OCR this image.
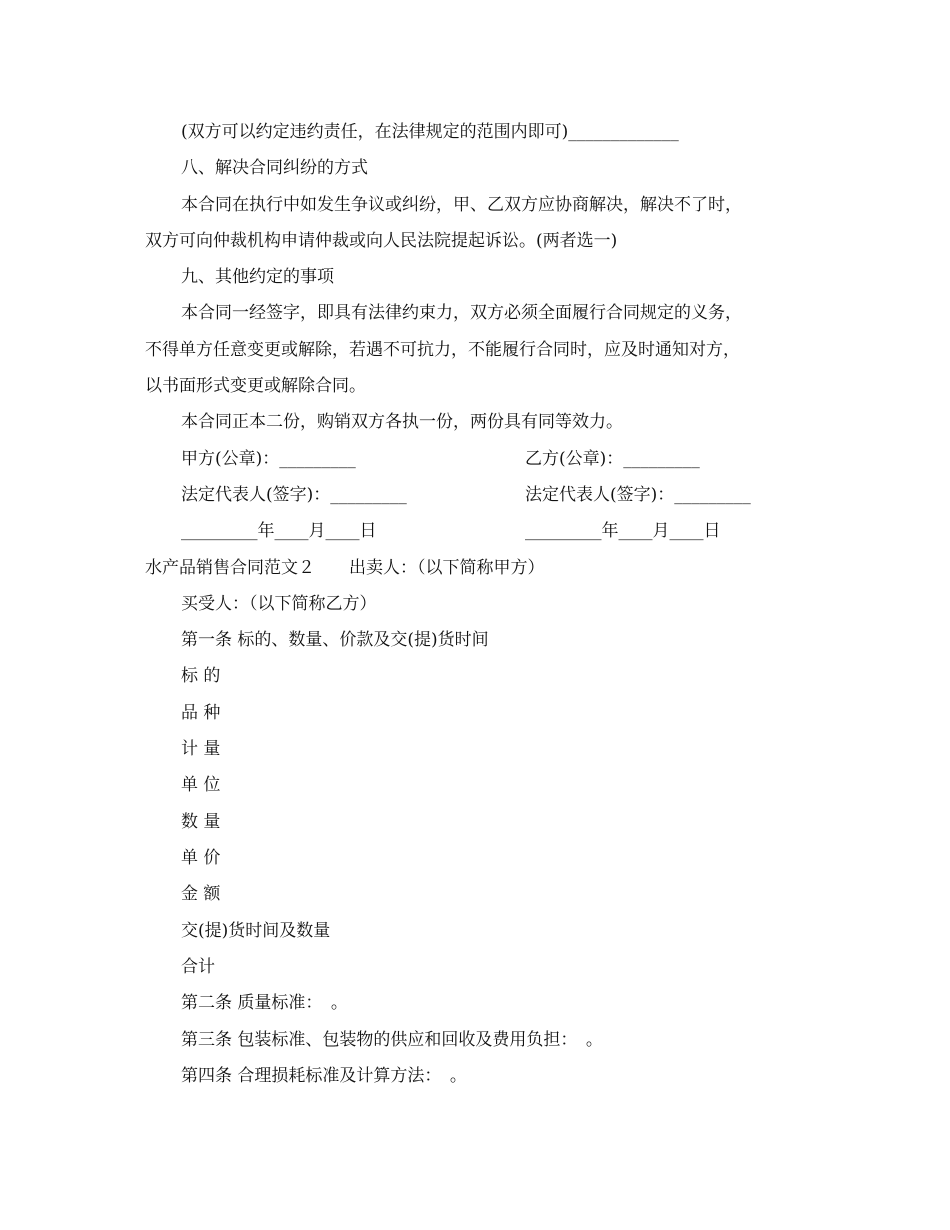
(双方可以约定违约责任，在法律规定的范围内即可)_____________
八、解决合同纠纷的方式
本合同在执行中如发生争议或纠纷，甲、乙双方应协商解决，解决不了时，
双方可向仲裁机构申请仲裁或向人民法院提起诉讼。(两者选一)
九、其他约定的事项
本合同一经签字，即具有法律约束力，双方必须全面履行合同规定的义务，
不得单方任意变更或解除，若遇不可抗力，不能履行合同时，应及时通知对方，
以书面形式变更或解除合同。
本合同正本二份，购销双方各执一份，两份具有同等效力。
甲方(公章)：_________	乙方(公章)：_________
法定代表人(签字)：_________	法定代表人(签字)：_________
_________年____月____日	_________年____月____日
水产品销售合同范文２　　出卖人：（以下简称甲方）
买受人：（以下简称乙方）
第一条 标的、数量、价款及交(提)货时间
标 的
品 种
计 量
单 位
数 量
单 价
金 额
交(提)货时间及数量
合计
第二条 质量标准：　。
第三条 包装标准、包装物的供应和回收及费用负担：　。
第四条 合理损耗标准及计算方法：　。
